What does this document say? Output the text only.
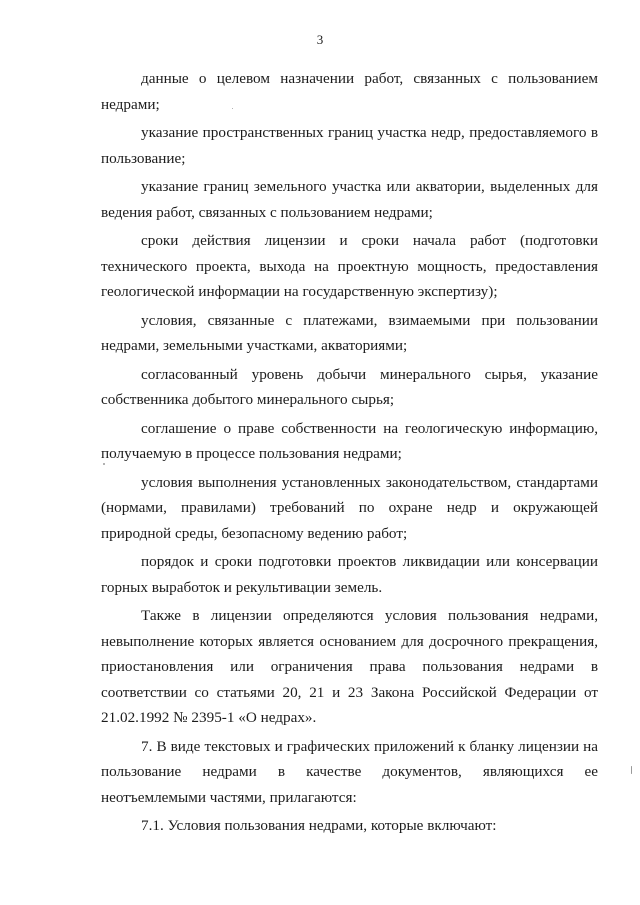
3

данные о целевом назначении работ, связанных с пользованием недрами;

указание пространственных границ участка недр, предоставляемого в пользование;

указание границ земельного участка или акватории, выделенных для ведения работ, связанных с пользованием недрами;

сроки действия лицензии и сроки начала работ (подготовки технического проекта, выхода на проектную мощность, предоставления геологической информации на государственную экспертизу);

условия, связанные с платежами, взимаемыми при пользовании недрами, земельными участками, акваториями;

согласованный уровень добычи минерального сырья, указание собственника добытого минерального сырья;

соглашение о праве собственности на геологическую информацию, получаемую в процессе пользования недрами;

условия выполнения установленных законодательством, стандартами (нормами, правилами) требований по охране недр и окружающей природной среды, безопасному ведению работ;

порядок и сроки подготовки проектов ликвидации или консервации горных выработок и рекультивации земель.

Также в лицензии определяются условия пользования недрами, невыполнение которых является основанием для досрочного прекращения, приостановления или ограничения права пользования недрами в соответствии со статьями 20, 21 и 23 Закона Российской Федерации от 21.02.1992 № 2395-1 «О недрах».

7. В виде текстовых и графических приложений к бланку лицензии на пользование недрами в качестве документов, являющихся ее неотъемлемыми частями, прилагаются:

7.1. Условия пользования недрами, которые включают:
